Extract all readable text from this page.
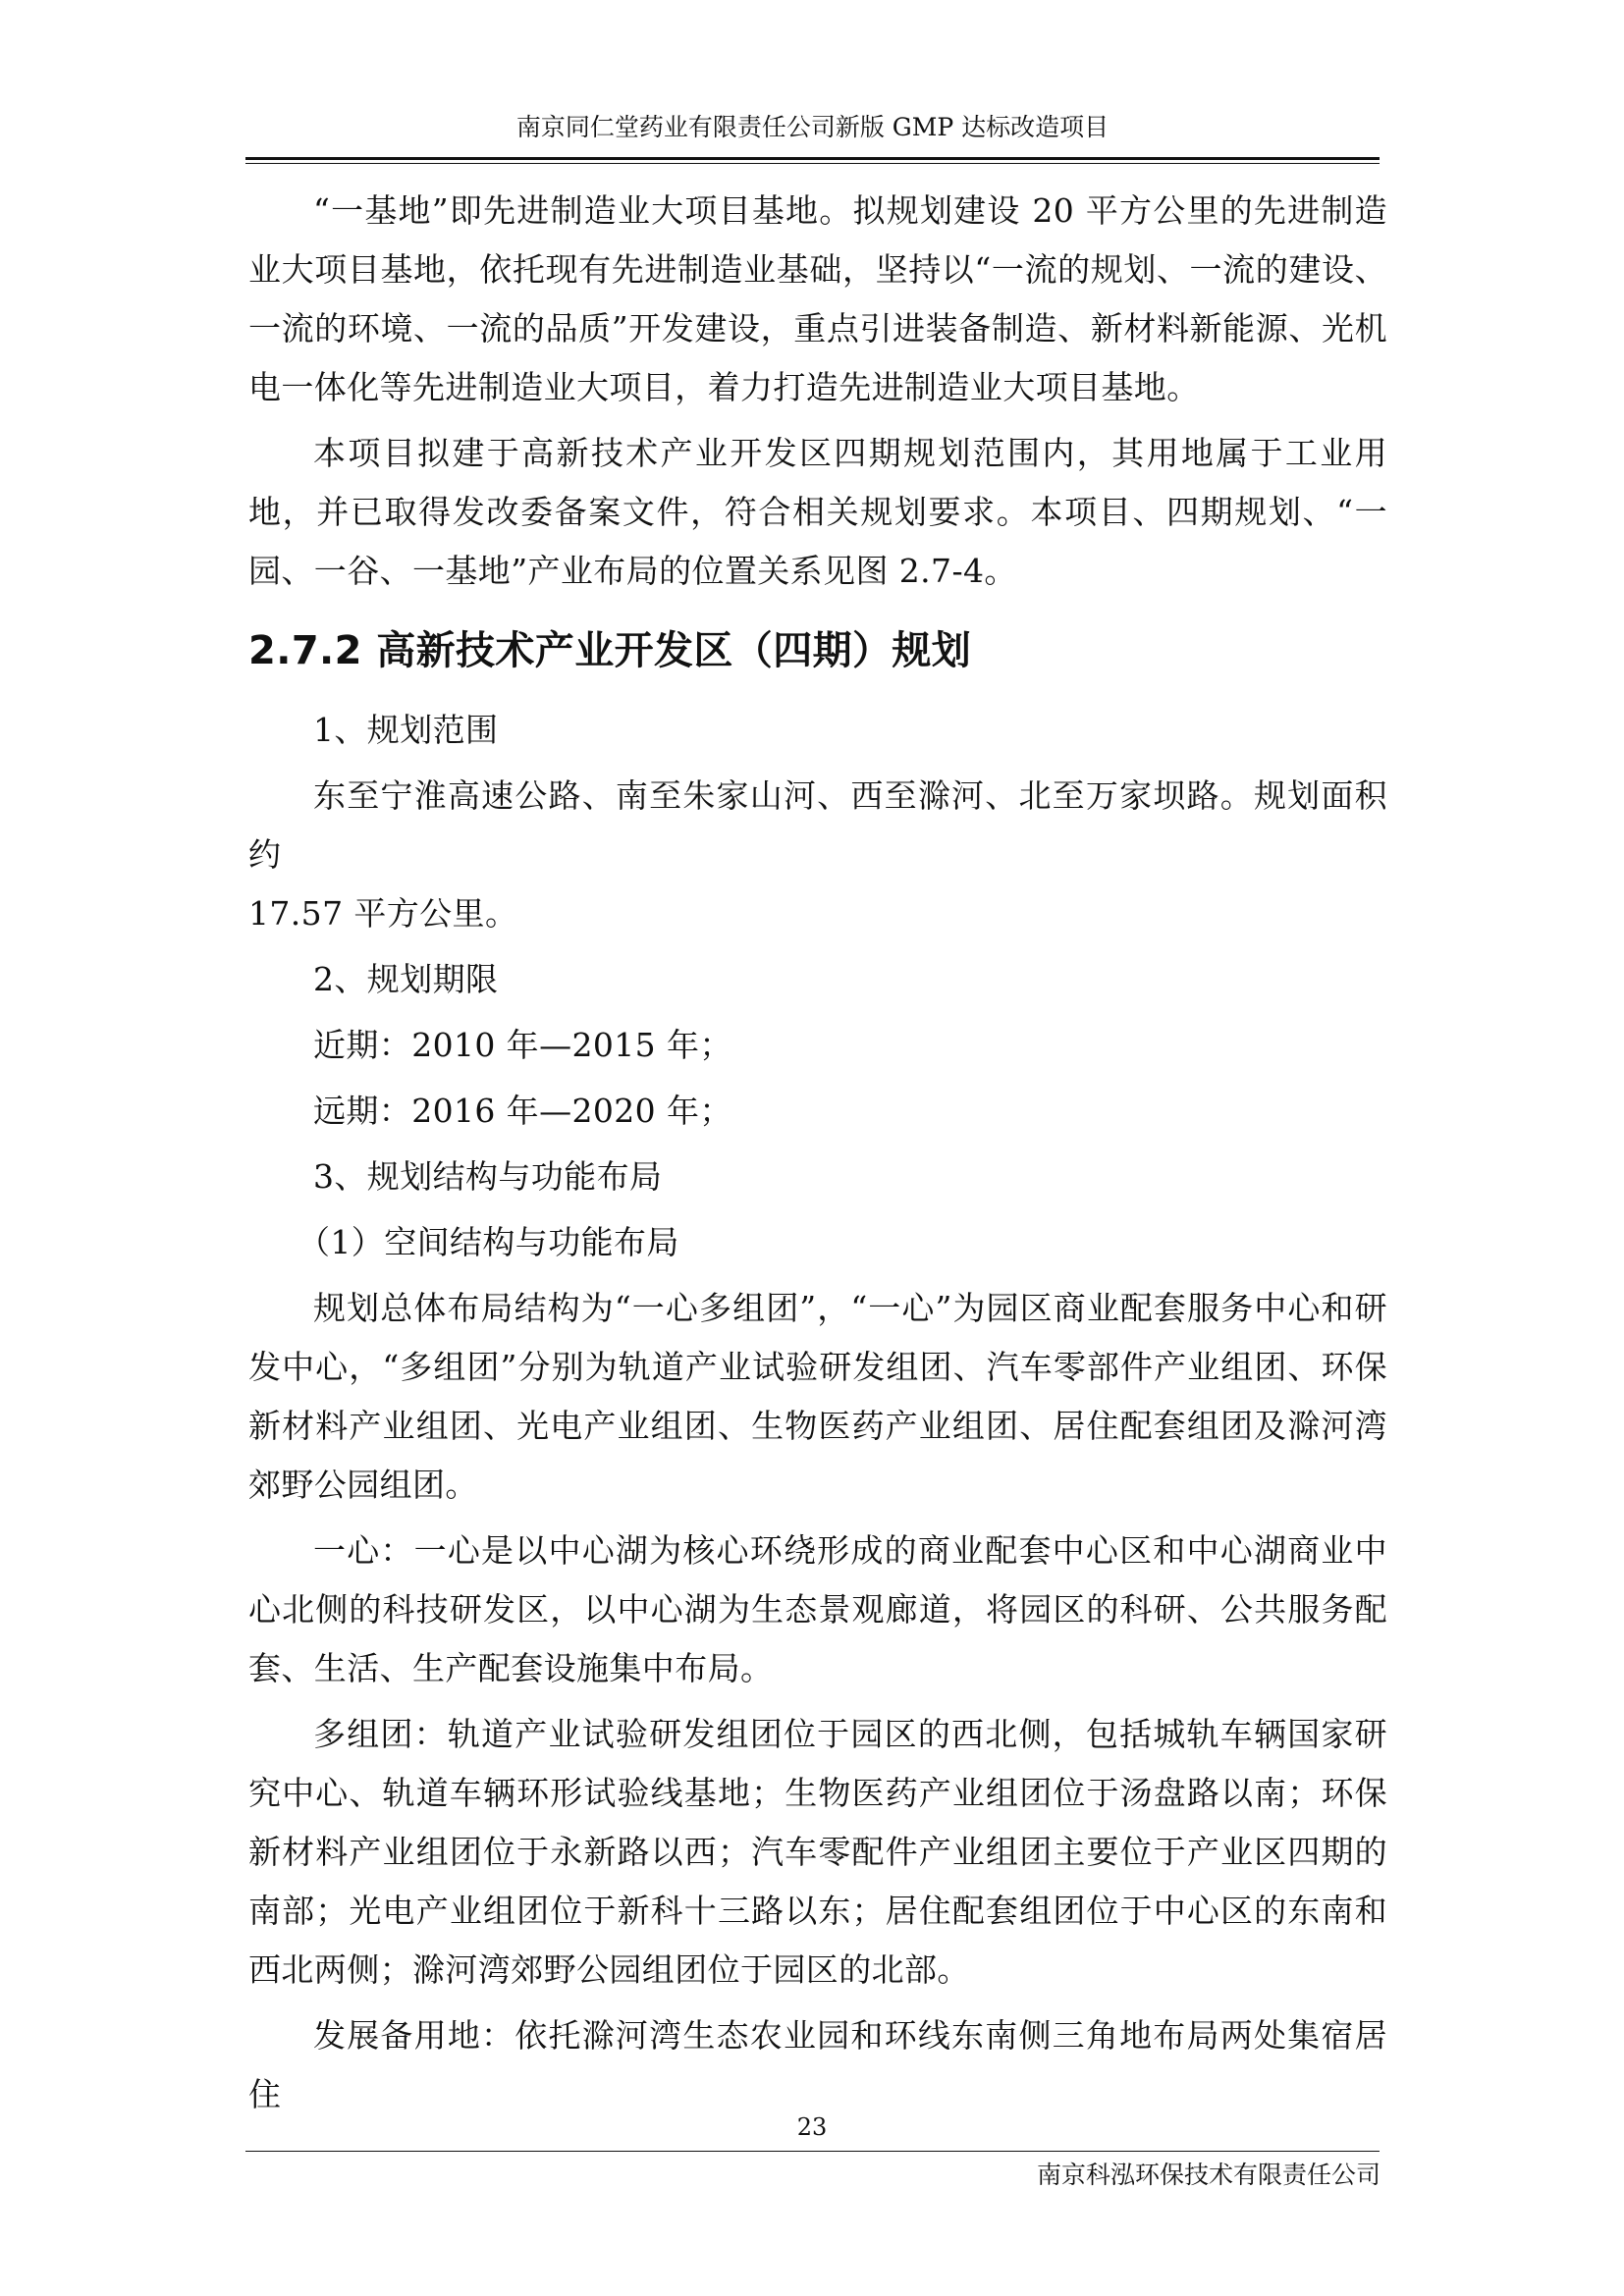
南京同仁堂药业有限责任公司新版 GMP 达标改造项目

“一基地”即先进制造业大项目基地。拟规划建设 20 平方公里的先进制造业大项目基地，依托现有先进制造业基础，坚持以“一流的规划、一流的建设、一流的环境、一流的品质”开发建设，重点引进装备制造、新材料新能源、光机电一体化等先进制造业大项目，着力打造先进制造业大项目基地。

本项目拟建于高新技术产业开发区四期规划范围内，其用地属于工业用地，并已取得发改委备案文件，符合相关规划要求。本项目、四期规划、“一园、一谷、一基地”产业布局的位置关系见图 2.7-4。

2.7.2 高新技术产业开发区（四期）规划

1、规划范围

东至宁淮高速公路、南至朱家山河、西至滁河、北至万家坝路。规划面积约

17.57 平方公里。

2、规划期限

近期：2010 年—2015 年；

远期：2016 年—2020 年；

3、规划结构与功能布局

（1）空间结构与功能布局

规划总体布局结构为“一心多组团”，“一心”为园区商业配套服务中心和研发中心，“多组团”分别为轨道产业试验研发组团、汽车零部件产业组团、环保新材料产业组团、光电产业组团、生物医药产业组团、居住配套组团及滁河湾郊野公园组团。

一心：一心是以中心湖为核心环绕形成的商业配套中心区和中心湖商业中心北侧的科技研发区，以中心湖为生态景观廊道，将园区的科研、公共服务配套、生活、生产配套设施集中布局。

多组团：轨道产业试验研发组团位于园区的西北侧，包括城轨车辆国家研究中心、轨道车辆环形试验线基地；生物医药产业组团位于汤盘路以南；环保新材料产业组团位于永新路以西；汽车零配件产业组团主要位于产业区四期的南部；光电产业组团位于新科十三路以东；居住配套组团位于中心区的东南和西北两侧；滁河湾郊野公园组团位于园区的北部。

发展备用地：依托滁河湾生态农业园和环线东南侧三角地布局两处集宿居住

23
南京科泓环保技术有限责任公司
